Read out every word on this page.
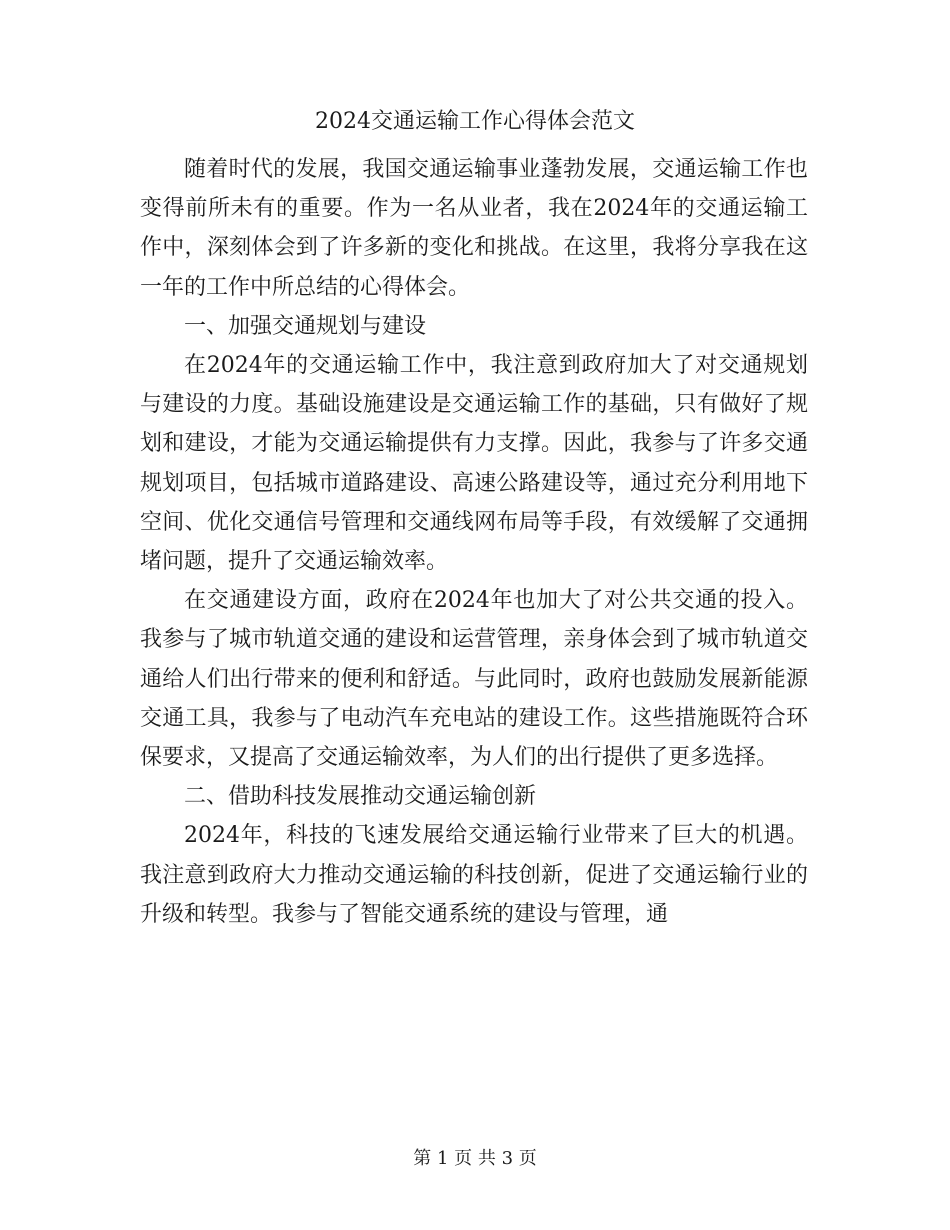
2024交通运输工作心得体会范文

随着时代的发展，我国交通运输事业蓬勃发展，交通运输工作也变得前所未有的重要。作为一名从业者，我在2024年的交通运输工作中，深刻体会到了许多新的变化和挑战。在这里，我将分享我在这一年的工作中所总结的心得体会。

一、加强交通规划与建设

在2024年的交通运输工作中，我注意到政府加大了对交通规划与建设的力度。基础设施建设是交通运输工作的基础，只有做好了规划和建设，才能为交通运输提供有力支撑。因此，我参与了许多交通规划项目，包括城市道路建设、高速公路建设等，通过充分利用地下空间、优化交通信号管理和交通线网布局等手段，有效缓解了交通拥堵问题，提升了交通运输效率。

在交通建设方面，政府在2024年也加大了对公共交通的投入。我参与了城市轨道交通的建设和运营管理，亲身体会到了城市轨道交通给人们出行带来的便利和舒适。与此同时，政府也鼓励发展新能源交通工具，我参与了电动汽车充电站的建设工作。这些措施既符合环保要求，又提高了交通运输效率，为人们的出行提供了更多选择。

二、借助科技发展推动交通运输创新

2024年，科技的飞速发展给交通运输行业带来了巨大的机遇。我注意到政府大力推动交通运输的科技创新，促进了交通运输行业的升级和转型。我参与了智能交通系统的建设与管理，通

第 1 页 共 3 页
